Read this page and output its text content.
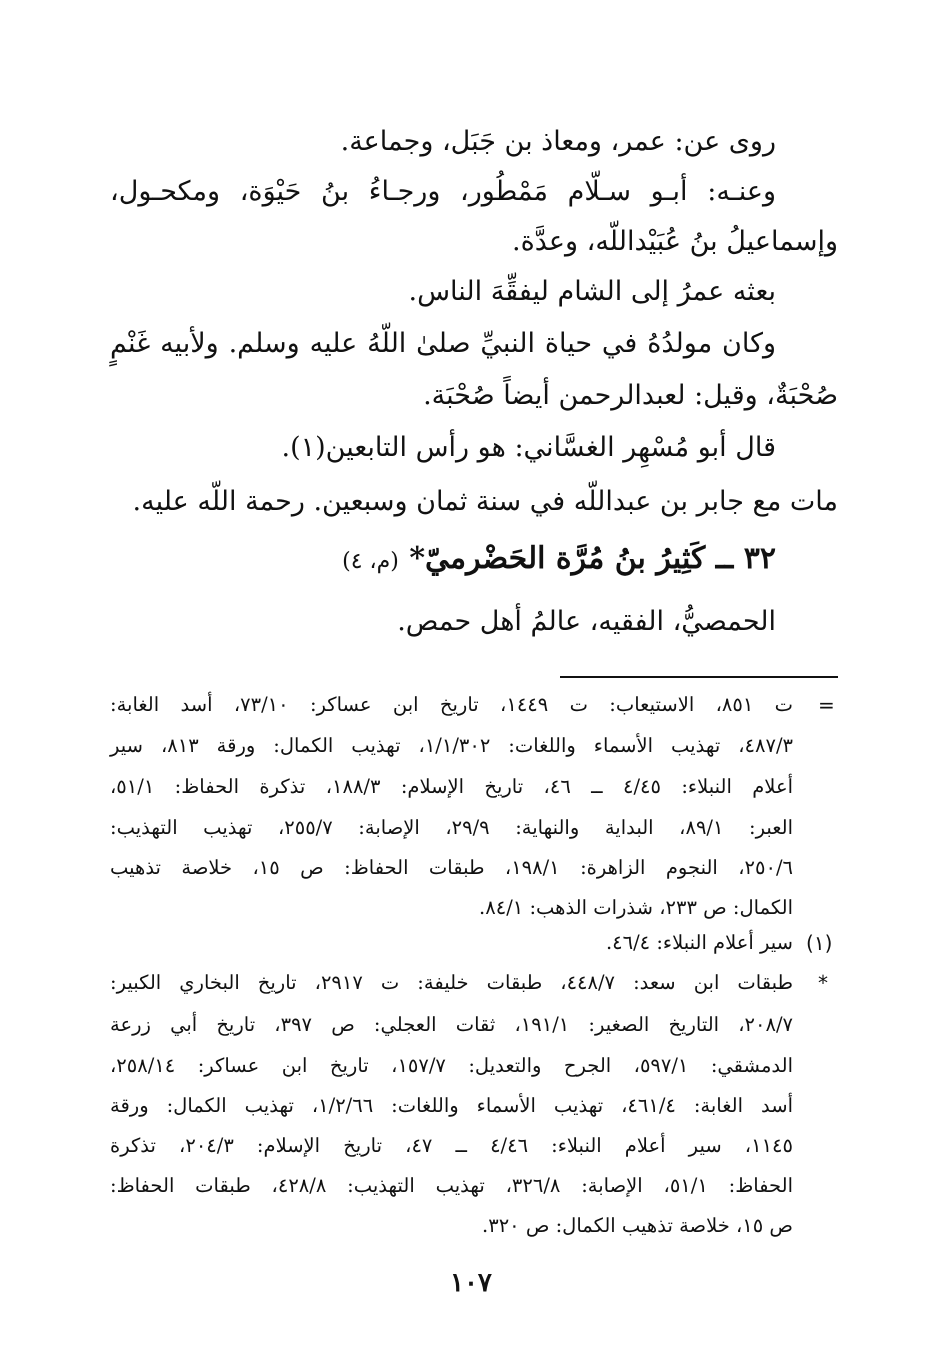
روى عن: عمر، ومعاذ بن جَبَل، وجماعة.
وعنـه: أبـو سـلّام مَمْطُور، ورجـاءُ بنُ حَيْوَة، ومكحـول،
وإسماعيلُ بنُ عُبَيْداللّه، وعدَّة.
بعثه عمرُ إلى الشام ليفقِّهَ الناس.
وكان مولدُهُ في حياة النبيِّ صلىٰ اللّهُ عليه وسلم. ولأبيه غَنْمٍ
صُحْبَةٌ، وقيل: لعبدالرحمن أيضاً صُحْبَة.
قال أبو مُسْهِر الغسَّاني: هو رأس التابعين(١).
مات مع جابر بن عبداللّه في سنة ثمان وسبعين. رحمة اللّه عليه.
٣٢ ــ كَثِيرُ بنُ مُرَّة الحَضْرميّ* (م، ٤)
الحمصيُّ، الفقيه، عالمُ أهل حمص.
=
ت ٨٥١، الاستيعاب: ت ١٤٤٩، تاريخ ابن عساكر: ٧٣/١٠، أسد الغابة:
٤٨٧/٣، تهذيب الأسماء واللغات: ١/١/٣٠٢، تهذيب الكمال: ورقة ٨١٣، سير
أعلام النبلاء: ٤/٤٥ ــ ٤٦، تاريخ الإسلام: ١٨٨/٣، تذكرة الحفاظ: ٥١/١،
العبر: ٨٩/١، البداية والنهاية: ٢٩/٩، الإصابة: ٢٥٥/٧، تهذيب التهذيب:
٢٥٠/٦، النجوم الزاهرة: ١٩٨/١، طبقات الحفاظ: ص ١٥، خلاصة تذهيب
الكمال: ص ٢٣٣، شذرات الذهب: ٨٤/١.
(١)
سير أعلام النبلاء: ٤٦/٤.
*
طبقات ابن سعد: ٤٤٨/٧، طبقات خليفة: ت ٢٩١٧، تاريخ البخاري الكبير:
٢٠٨/٧، التاريخ الصغير: ١٩١/١، ثقات العجلي: ص ٣٩٧، تاريخ أبي زرعة
الدمشقي: ٥٩٧/١، الجرح والتعديل: ١٥٧/٧، تاريخ ابن عساكر: ٢٥٨/١٤،
أسد الغابة: ٤٦١/٤، تهذيب الأسماء واللغات: ١/٢/٦٦، تهذيب الكمال: ورقة
١١٤٥، سير أعلام النبلاء: ٤/٤٦ ــ ٤٧، تاريخ الإسلام: ٢٠٤/٣، تذكرة
الحفاظ: ٥١/١، الإصابة: ٣٢٦/٨، تهذيب التهذيب: ٤٢٨/٨، طبقات الحفاظ:
ص ١٥، خلاصة تذهيب الكمال: ص ٣٢٠.
١٠٧
